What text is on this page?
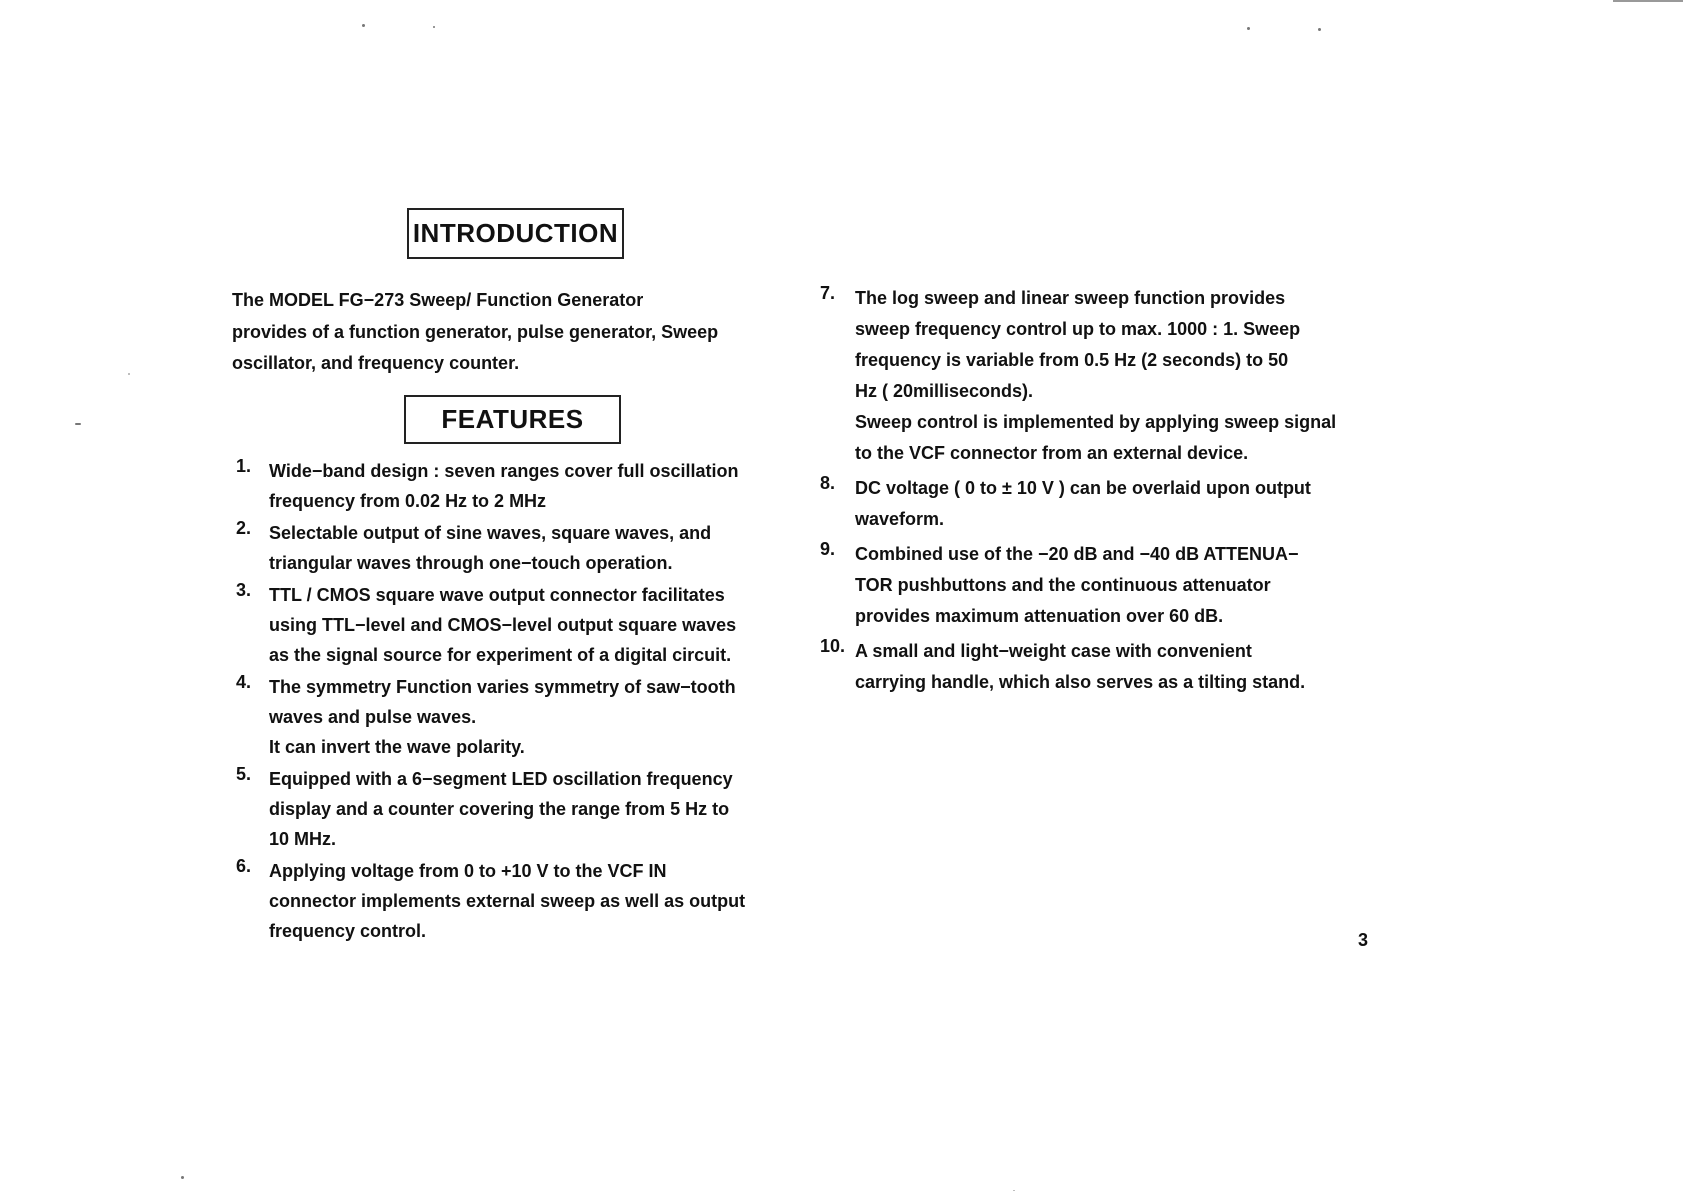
INTRODUCTION
The MODEL FG−273 Sweep/ Function Generator
provides of a function generator, pulse generator, Sweep
oscillator, and frequency counter.
FEATURES
1. Wide−band design : seven ranges cover full oscillation
frequency from 0.02 Hz to 2 MHz
2. Selectable output of sine waves, square waves, and
triangular waves through one−touch operation.
3. TTL / CMOS square wave output connector facilitates
using TTL−level and CMOS−level output square waves
as the signal source for experiment of a digital circuit.
4. The symmetry Function varies symmetry of saw−tooth
waves and pulse waves.
It can invert the wave polarity.
5. Equipped with a 6−segment LED oscillation frequency
display and a counter covering the range from 5 Hz to
10 MHz.
6. Applying voltage from 0 to +10 V to the VCF IN
connector implements external sweep as well as output
frequency control.
7. The log sweep and linear sweep function provides
sweep frequency control up to max. 1000 : 1. Sweep
frequency is variable from 0.5 Hz (2 seconds) to 50
Hz ( 20milliseconds).
Sweep control is implemented by applying sweep signal
to the VCF connector from an external device.
8. DC voltage ( 0 to ± 10 V ) can be overlaid upon output
waveform.
9. Combined use of the −20 dB and −40 dB ATTENUA−
TOR pushbuttons and the continuous attenuator
provides maximum attenuation over 60 dB.
10. A small and light−weight case with convenient
carrying handle, which also serves as a tilting stand.
3
